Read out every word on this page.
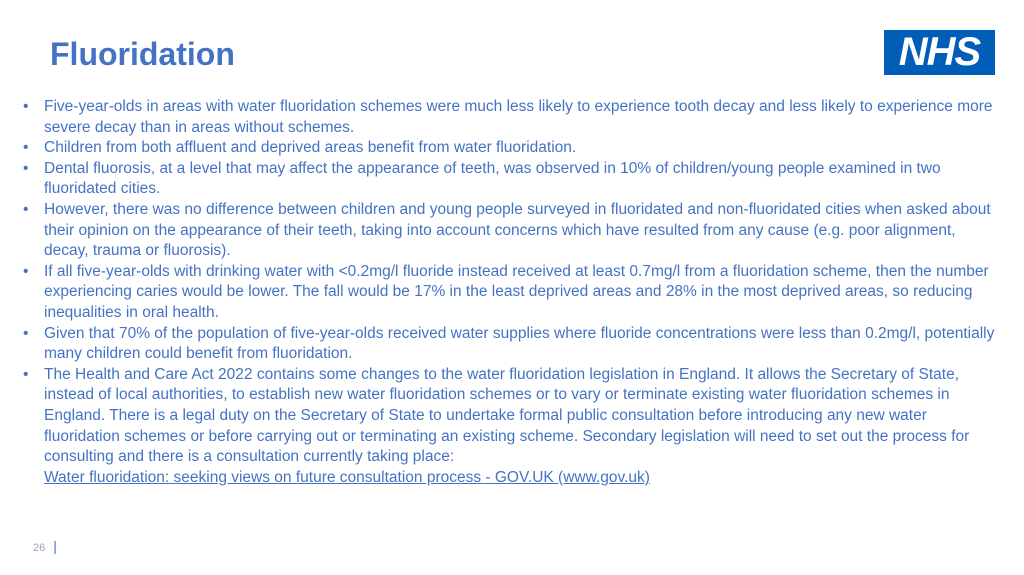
Fluoridation	NHS
• Five-year-olds in areas with water fluoridation schemes were much less likely to experience tooth decay and less likely to experience more severe decay than in areas without schemes.
• Children from both affluent and deprived areas benefit from water fluoridation.
• Dental fluorosis, at a level that may affect the appearance of teeth, was observed in 10% of children/young people examined in two fluoridated cities.
• However, there was no difference between children and young people surveyed in fluoridated and non-fluoridated cities when asked about their opinion on the appearance of their teeth, taking into account concerns which have resulted from any cause (e.g. poor alignment, decay, trauma or fluorosis).
• If all five-year-olds with drinking water with <0.2mg/l fluoride instead received at least 0.7mg/l from a fluoridation scheme, then the number experiencing caries would be lower. The fall would be 17% in the least deprived areas and 28% in the most deprived areas, so reducing inequalities in oral health.
• Given that 70% of the population of five-year-olds received water supplies where fluoride concentrations were less than 0.2mg/l, potentially many children could benefit from fluoridation.
• The Health and Care Act 2022 contains some changes to the water fluoridation legislation in England. It allows the Secretary of State, instead of local authorities, to establish new water fluoridation schemes or to vary or terminate existing water fluoridation schemes in England. There is a legal duty on the Secretary of State to undertake formal public consultation before introducing any new water fluoridation schemes or before carrying out or terminating an existing scheme. Secondary legislation will need to set out the process for consulting and there is a consultation currently taking place:
Water fluoridation: seeking views on future consultation process - GOV.UK (www.gov.uk)
26 |
